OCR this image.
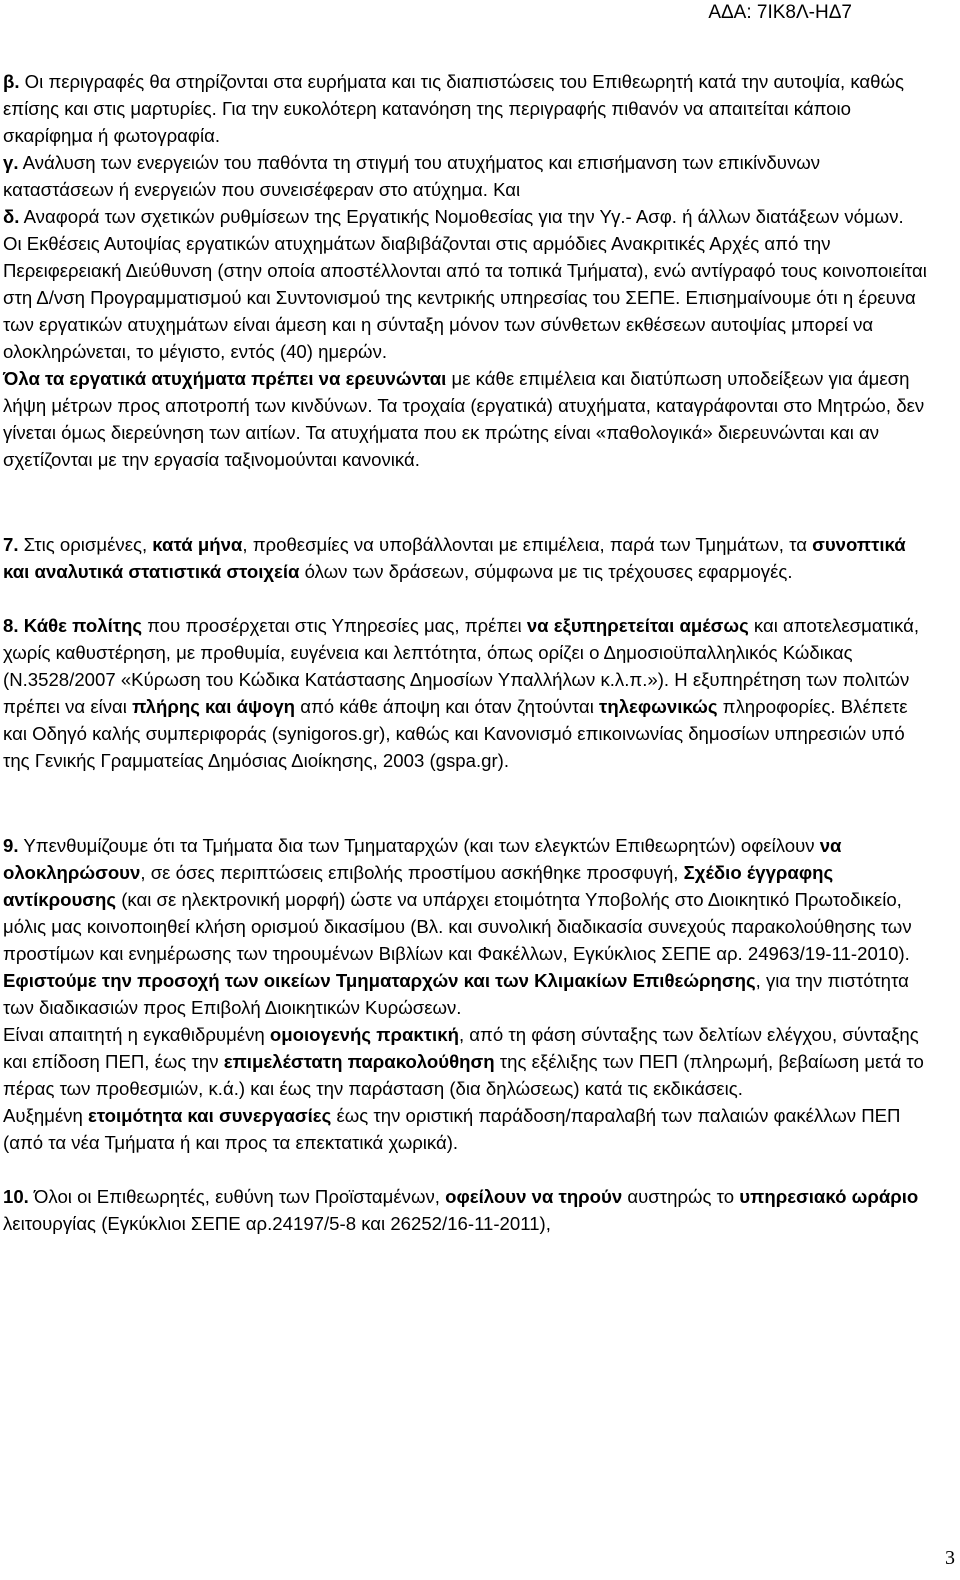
ΑΔΑ: 7ΙΚ8Λ-ΗΔ7

β. Οι περιγραφές θα στηρίζονται στα ευρήματα και τις διαπιστώσεις του Επιθεωρητή κατά την αυτοψία, καθώς επίσης και στις μαρτυρίες. Για την ευκολότερη κατανόηση της περιγραφής πιθανόν να απαιτείται κάποιο σκαρίφημα ή φωτογραφία.

γ. Ανάλυση των ενεργειών του παθόντα τη στιγμή του ατυχήματος και επισήμανση των επικίνδυνων καταστάσεων ή ενεργειών που συνεισέφεραν στο ατύχημα. Και

δ. Αναφορά των σχετικών ρυθμίσεων της Εργατικής Νομοθεσίας για την Υγ.- Ασφ. ή άλλων διατάξεων νόμων.

Οι Εκθέσεις Αυτοψίας εργατικών ατυχημάτων διαβιβάζονται στις αρμόδιες Ανακριτικές Αρχές από την Περειφερειακή Διεύθυνση (στην οποία αποστέλλονται από τα τοπικά Τμήματα), ενώ αντίγραφό τους κοινοποιείται στη Δ/νση Προγραμματισμού και Συντονισμού της κεντρικής υπηρεσίας του ΣΕΠΕ. Επισημαίνουμε ότι η έρευνα των εργατικών ατυχημάτων είναι άμεση και η σύνταξη μόνον των σύνθετων εκθέσεων αυτοψίας μπορεί να ολοκληρώνεται, το μέγιστο, εντός (40) ημερών.

Όλα τα εργατικά ατυχήματα πρέπει να ερευνώνται με κάθε επιμέλεια και διατύπωση υποδείξεων για άμεση λήψη μέτρων προς αποτροπή των κινδύνων. Τα τροχαία (εργατικά) ατυχήματα, καταγράφονται στο Μητρώο, δεν γίνεται όμως διερεύνηση των αιτίων. Τα ατυχήματα που εκ πρώτης είναι «παθολογικά» διερευνώνται και αν σχετίζονται με την εργασία ταξινομούνται κανονικά.

7. Στις ορισμένες, κατά μήνα, προθεσμίες να υποβάλλονται με επιμέλεια, παρά των Τμημάτων, τα συνοπτικά και αναλυτικά στατιστικά στοιχεία όλων των δράσεων, σύμφωνα με τις τρέχουσες εφαρμογές.

8. Κάθε πολίτης που προσέρχεται στις Υπηρεσίες μας, πρέπει να εξυπηρετείται αμέσως και αποτελεσματικά, χωρίς καθυστέρηση, με προθυμία, ευγένεια και λεπτότητα, όπως ορίζει ο Δημοσιοϋπαλληλικός Κώδικας (Ν.3528/2007 «Κύρωση του Κώδικα Κατάστασης Δημοσίων Υπαλλήλων κ.λ.π.»). Η εξυπηρέτηση των πολιτών πρέπει να είναι πλήρης και άψογη από κάθε άποψη και όταν ζητούνται τηλεφωνικώς πληροφορίες. Βλέπετε και Οδηγό καλής συμπεριφοράς (synigoros.gr), καθώς και Κανονισμό επικοινωνίας δημοσίων υπηρεσιών υπό της Γενικής Γραμματείας Δημόσιας Διοίκησης, 2003 (gspa.gr).

9. Υπενθυμίζουμε ότι τα Τμήματα δια των Τμηματαρχών (και των ελεγκτών Επιθεωρητών) οφείλουν να ολοκληρώσουν, σε όσες περιπτώσεις επιβολής προστίμου ασκήθηκε προσφυγή, Σχέδιο έγγραφης αντίκρουσης (και σε ηλεκτρονική μορφή) ώστε να υπάρχει ετοιμότητα Υποβολής στο Διοικητικό Πρωτοδικείο, μόλις μας κοινοποιηθεί κλήση ορισμού δικασίμου (Βλ. και συνολική διαδικασία συνεχούς παρακολούθησης των προστίμων και ενημέρωσης των τηρουμένων Βιβλίων και Φακέλλων, Εγκύκλιος ΣΕΠΕ αρ. 24963/19-11-2010).

Εφιστούμε την προσοχή των οικείων Τμηματαρχών και των Κλιμακίων Επιθεώρησης, για την πιστότητα των διαδικασιών προς Επιβολή Διοικητικών Κυρώσεων.

Είναι απαιτητή η εγκαθιδρυμένη ομοιογενής πρακτική, από τη φάση σύνταξης των δελτίων ελέγχου, σύνταξης και επίδοση ΠΕΠ, έως την επιμελέστατη παρακολούθηση της εξέλιξης των ΠΕΠ (πληρωμή, βεβαίωση μετά το πέρας των προθεσμιών, κ.ά.) και έως την παράσταση (δια δηλώσεως) κατά τις εκδικάσεις.

Αυξημένη ετοιμότητα και συνεργασίες έως την οριστική παράδοση/παραλαβή των παλαιών φακέλλων ΠΕΠ (από τα νέα Τμήματα ή και προς τα επεκτατικά χωρικά).

10. Όλοι οι Επιθεωρητές, ευθύνη των Προϊσταμένων, οφείλουν να τηρούν αυστηρώς το υπηρεσιακό ωράριο λειτουργίας (Εγκύκλιοι ΣΕΠΕ αρ.24197/5-8 και 26252/16-11-2011),

3
